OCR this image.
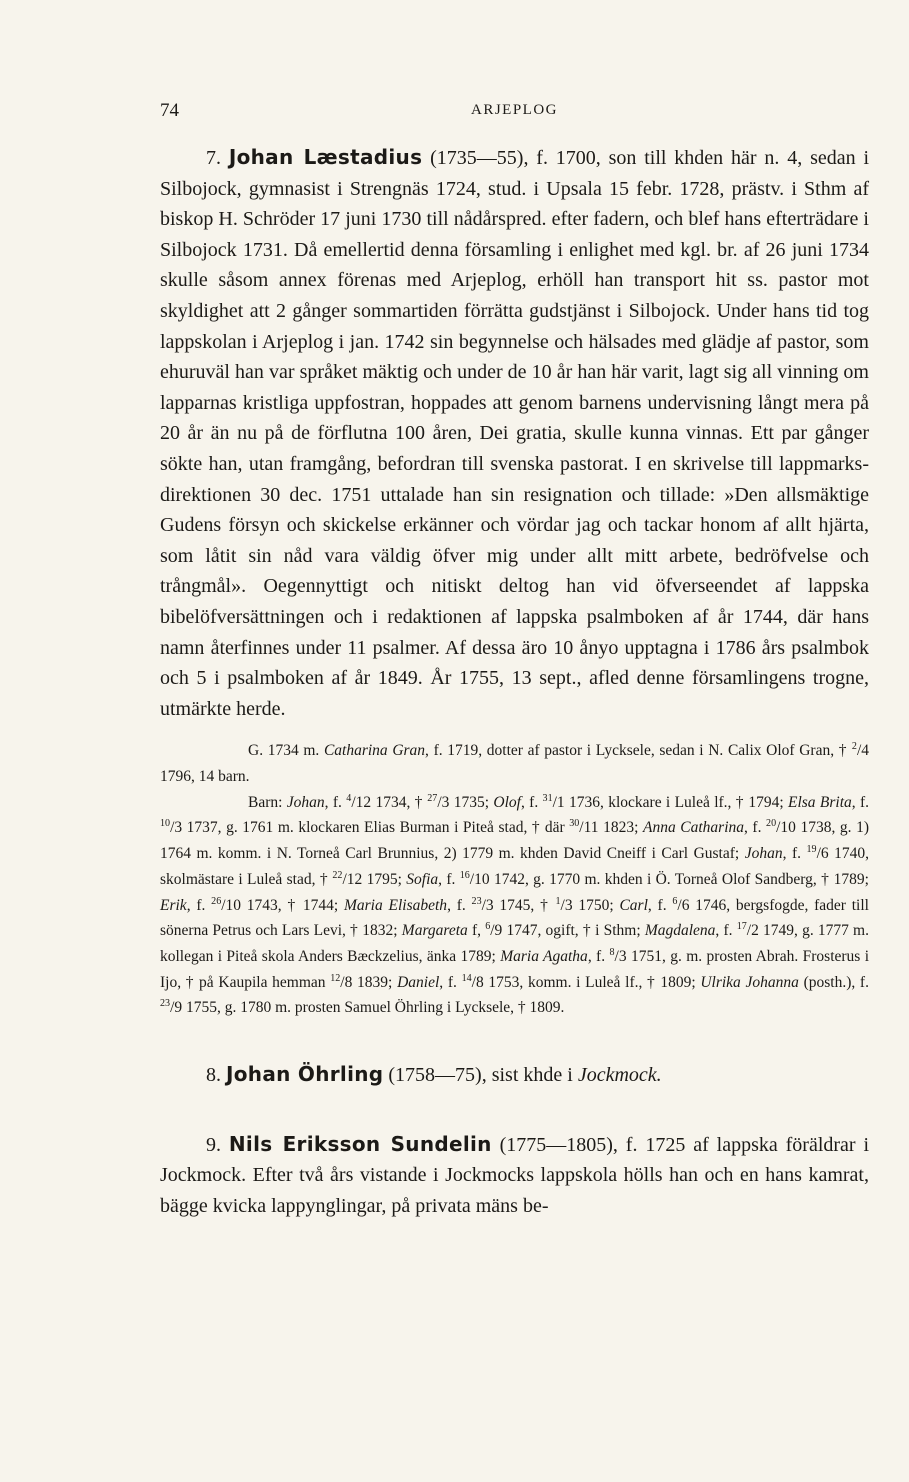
74	ARJEPLOG

7. Johan Læstadius (1735—55), f. 1700, son till khden här n. 4, sedan i Silbojock, gymnasist i Strengnäs 1724, stud. i Upsala 15 febr. 1728, prästv. i Sthm af biskop H. Schröder 17 juni 1730 till nådårspred. efter fadern, och blef hans efterträdare i Silbojock 1731. Då emellertid denna församling i enlighet med kgl. br. af 26 juni 1734 skulle såsom annex förenas med Arjeplog, erhöll han transport hit ss. pastor mot skyldighet att 2 gånger sommartiden förrätta gudstjänst i Silbojock. Under hans tid tog lappskolan i Arjeplog i jan. 1742 sin begynnelse och hälsades med glädje af pastor, som ehuruväl han var språket mäktig och under de 10 år han här varit, lagt sig all vinning om lapparnas kristliga uppfostran, hoppades att genom barnens undervisning långt mera på 20 år än nu på de förflutna 100 åren, Dei gratia, skulle kunna vinnas. Ett par gånger sökte han, utan framgång, befordran till svenska pastorat. I en skrivelse till lappmarks-direktionen 30 dec. 1751 uttalade han sin resignation och tillade: »Den allsmäktige Gudens försyn och skickelse erkänner och vördar jag och tackar honom af allt hjärta, som låtit sin nåd vara väldig öfver mig under allt mitt arbete, bedröfvelse och trångmål». Oegennyttigt och nitiskt deltog han vid öfverseendet af lappska bibelöfversättningen och i redaktionen af lappska psalmboken af år 1744, där hans namn återfinnes under 11 psalmer. Af dessa äro 10 ånyo upptagna i 1786 års psalmbok och 5 i psalmboken af år 1849. År 1755, 13 sept., afled denne församlingens trogne, utmärkte herde.

G. 1734 m. Catharina Gran, f. 1719, dotter af pastor i Lycksele, sedan i N. Calix Olof Gran, † $^2$/4 1796, 14 barn.

Barn: Johan, f. $^4$/12 1734, † $^{27}$/3 1735; Olof, f. $^{31}$/1 1736, klockare i Luleå lf., † 1794; Elsa Brita, f. $^{10}$/3 1737, g. 1761 m. klockaren Elias Burman i Piteå stad, † där $^{30}$/11 1823; Anna Catharina, f. $^{20}$/10 1738, g. 1) 1764 m. komm. i N. Torneå Carl Brunnius, 2) 1779 m. khden David Cneiff i Carl Gustaf; Johan, f. $^{19}$/6 1740, skolmästare i Luleå stad, † $^{22}$/12 1795; Sofia, f. $^{16}$/10 1742, g. 1770 m. khden i Ö. Torneå Olof Sandberg, † 1789; Erik, f. $^{26}$/10 1743, † 1744; Maria Elisabeth, f. $^{23}$/3 1745, † $^1$/3 1750; Carl, f. $^6$/6 1746, bergsfogde, fader till sönerna Petrus och Lars Levi, † 1832; Margareta f, $^6$/9 1747, ogift, † i Sthm; Magdalena, f. $^{17}$/2 1749, g. 1777 m. kollegan i Piteå skola Anders Bæckzelius, änka 1789; Maria Agatha, f. $^8$/3 1751, g. m. prosten Abrah. Frosterus i Ijo, † på Kaupila hemman $^{12}$/8 1839; Daniel, f. $^{14}$/8 1753, komm. i Luleå lf., † 1809; Ulrika Johanna (posth.), f. $^{23}$/9 1755, g. 1780 m. prosten Samuel Öhrling i Lycksele, † 1809.

8. Johan Öhrling (1758—75), sist khde i Jockmock.

9. Nils Eriksson Sundelin (1775—1805), f. 1725 af lappska föräldrar i Jockmock. Efter två års vistande i Jockmocks lappskola hölls han och en hans kamrat, bägge kvicka lappynglingar, på privata mäns be-
